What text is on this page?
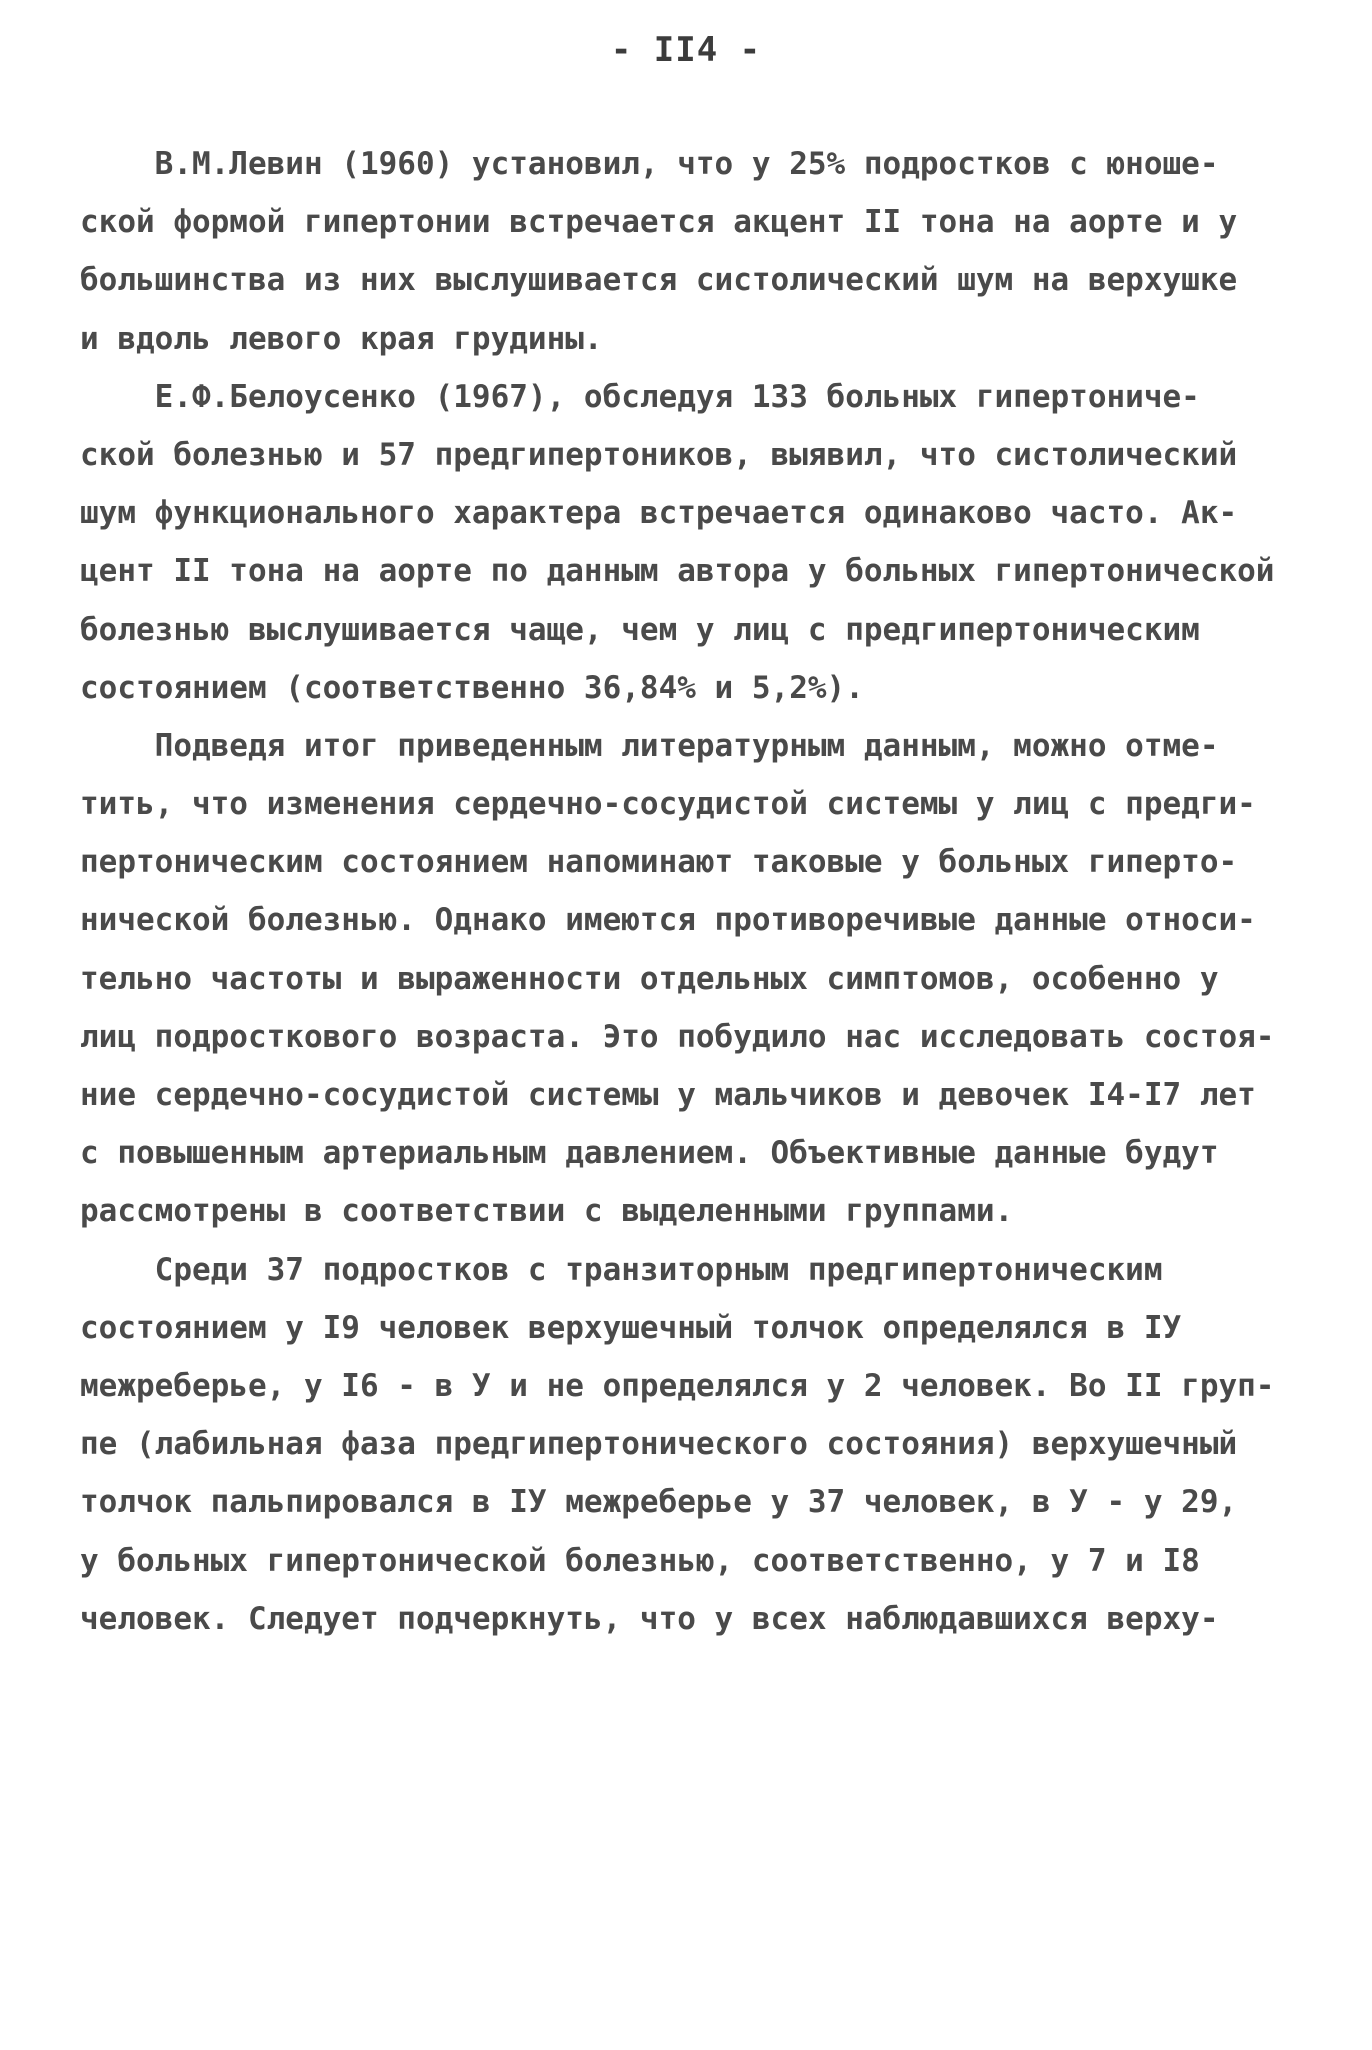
- II4 -
В.М.Левин (1960) установил, что у 25% подростков с юноше-
ской формой гипертонии встречается акцент II тона на аорте и у
большинства из них выслушивается систолический шум на верхушке
и вдоль левого края грудины.
Е.Ф.Белоусенко (1967), обследуя 133 больных гипертониче-
ской болезнью и 57 предгипертоников, выявил, что систолический
шум функционального характера встречается одинаково часто. Ак-
цент II тона на аорте по данным автора у больных гипертонической
болезнью выслушивается чаще, чем у лиц с предгипертоническим
состоянием (соответственно 36,84% и 5,2%).
Подведя итог приведенным литературным данным, можно отме-
тить, что изменения сердечно-сосудистой системы у лиц с предги-
пертоническим состоянием напоминают таковые у больных гиперто-
нической болезнью. Однако имеются противоречивые данные относи-
тельно частоты и выраженности отдельных симптомов, особенно у
лиц подросткового возраста. Это побудило нас исследовать состоя-
ние сердечно-сосудистой системы у мальчиков и девочек I4-I7 лет
с повышенным артериальным давлением. Объективные данные будут
рассмотрены в соответствии с выделенными группами.
Среди 37 подростков с транзиторным предгипертоническим
состоянием у I9 человек верхушечный толчок определялся в IУ
межреберье, у I6 - в У и не определялся у 2 человек. Во II груп-
пе (лабильная фаза предгипертонического состояния) верхушечный
толчок пальпировался в IУ межреберье у 37 человек, в У - у 29,
у больных гипертонической болезнью, соответственно, у 7 и I8
человек. Следует подчеркнуть, что у всех наблюдавшихся верху-
